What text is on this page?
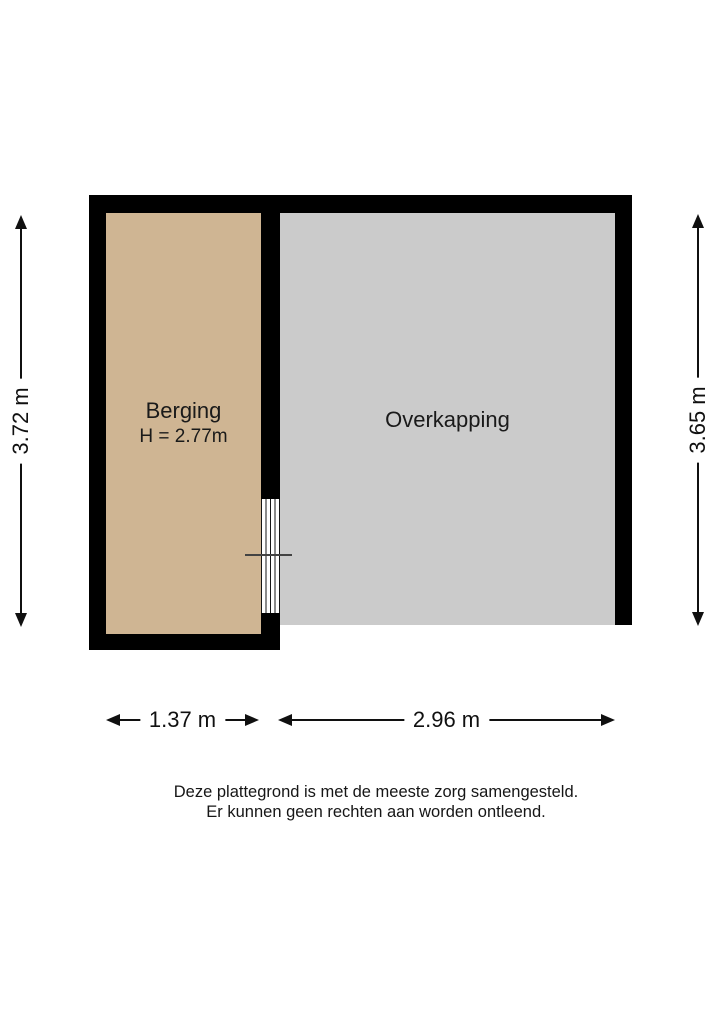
Berging
H = 2.77m
Overkapping
3.72 m	3.65 m
1.37 m	2.96 m
Deze plattegrond is met de meeste zorg samengesteld.
Er kunnen geen rechten aan worden ontleend.
